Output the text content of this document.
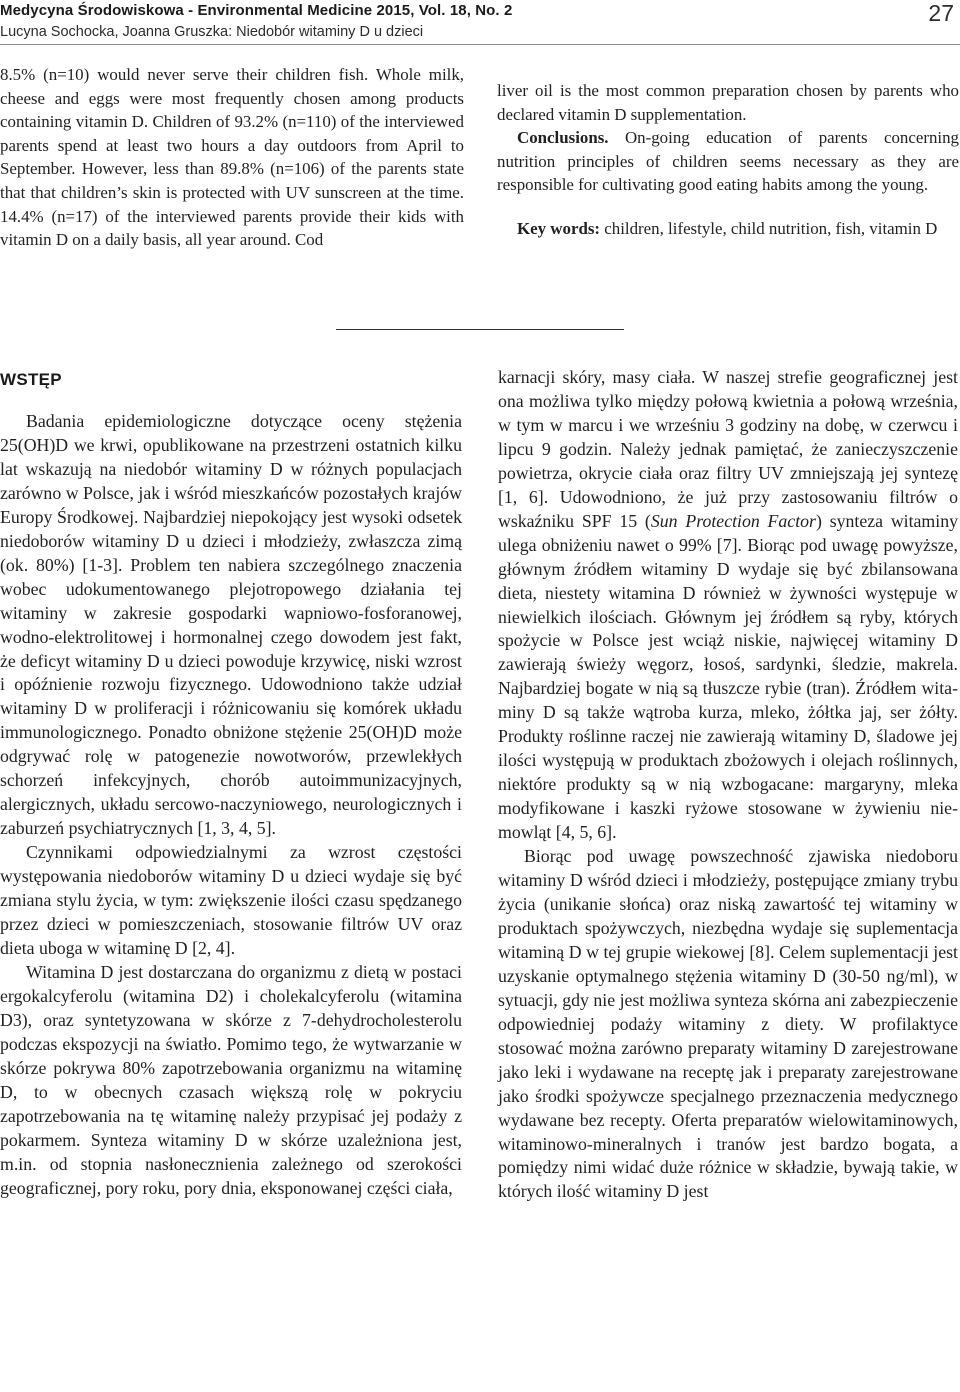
Medycyna Środowiskowa - Environmental Medicine 2015, Vol. 18, No. 2
Lucyna Sochocka, Joanna Gruszka: Niedobór witaminy D u dzieci
27

8.5% (n=10) would never serve their children fish. Whole milk, cheese and eggs were most frequently chosen among products containing vitamin D. Children of 93.2% (n=110) of the interviewed parents spend at least two hours a day outdoors from April to September. However, less than 89.8% (n=106) of the parents state that that children’s skin is protected with UV sunscreen at the time. 14.4% (n=17) of the interviewed parents provide their kids with vitamin D on a daily basis, all year around. Cod

liver oil is the most common preparation chosen by parents who declared vitamin D supplementation.

Conclusions. On-going education of parents concerning nutrition principles of children seems necessary as they are responsible for cultivating good eating habits among the young.

Key words: children, lifestyle, child nutrition, fish, vitamin D

WSTĘP

Badania epidemiologiczne dotyczące oceny stężenia 25(OH)D we krwi, opublikowane na przestrzeni ostatnich kilku lat wskazują na niedobór witaminy D w różnych populacjach zarówno w Polsce, jak i wśród mieszkańców pozostałych krajów Europy Środkowej. Najbardziej niepokojący jest wysoki odsetek niedoborów witaminy D u dzieci i młodzieży, zwłaszcza zimą (ok. 80%) [1-3]. Problem ten nabiera szczególnego znaczenia wobec udokumentowanego plejotropowego działania tej witaminy w zakresie gospodarki wapniowo-fosforanowej, wodno-elektrolitowej i hormonalnej czego dowodem jest fakt, że deficyt witaminy D u dzieci powoduje krzywicę, niski wzrost i opóźnienie rozwoju fizycznego. Udowodniono także udział witaminy D w proliferacji i różnicowaniu się komórek układu immunologicznego. Ponadto obniżone stężenie 25(OH)D może odgrywać rolę w patogenezie nowotworów, przewlekłych schorzeń infekcyjnych, chorób autoimmunizacyjnych, alergicznych, układu sercowo-naczyniowego, neurologicznych i zaburzeń psychiatrycznych [1, 3, 4, 5].

Czynnikami odpowiedzialnymi za wzrost częstości występowania niedoborów witaminy D u dzieci wydaje się być zmiana stylu życia, w tym: zwiększenie ilości czasu spędzanego przez dzieci w pomieszczeniach, stosowanie filtrów UV oraz dieta uboga w witaminę D [2, 4].

Witamina D jest dostarczana do organizmu z dietą w postaci ergokalcyferolu (witamina D2) i cholekalcyferolu (witamina D3), oraz syntetyzowana w skórze z 7-dehydrocholesterolu podczas ekspozycji na światło. Pomimo tego, że wytwarzanie w skórze pokrywa 80% zapotrzebowania organizmu na witaminę D, to w obecnych czasach większą rolę w pokryciu zapotrzebowania na tę witaminę należy przypisać jej podaży z pokarmem. Synteza witaminy D w skórze uzależniona jest, m.in. od stopnia nasłonecznienia zależnego od szerokości geograficznej, pory roku, pory dnia, eksponowanej części ciała,

karnacji skóry, masy ciała. W naszej strefie geograficznej jest ona możliwa tylko między połową kwietnia a połową września, w tym w marcu i we wrześniu 3 godziny na dobę, w czerwcu i lipcu 9 godzin. Należy jednak pamiętać, że zanieczyszczenie powietrza, okrycie ciała oraz filtry UV zmniejszają jej syntezę [1, 6]. Udowodniono, że już przy zastosowaniu filtrów o wskaźniku SPF 15 (Sun Protection Factor) synteza witaminy ulega obniżeniu nawet o 99% [7]. Biorąc pod uwagę powyższe, głównym źródłem witaminy D wydaje się być zbilansowana dieta, niestety witamina D również w żywności występuje w niewielkich ilościach. Głównym jej źródłem są ryby, których spożycie w Polsce jest wciąż niskie, najwięcej witaminy D zawierają świeży węgorz, łosoś, sardynki, śledzie, makrela. Najbardziej bogate w nią są tłuszcze rybie (tran). Źródłem witaminy D są także wątroba kurza, mleko, żółtka jaj, ser żółty. Produkty roślinne raczej nie zawierają witaminy D, śladowe jej ilości występują w produktach zbożowych i olejach roślinnych, niektóre produkty są w nią wzbogacane: margaryny, mleka modyfikowane i kaszki ryżowe stosowane w żywieniu niemowląt [4, 5, 6].

Biorąc pod uwagę powszechność zjawiska niedoboru witaminy D wśród dzieci i młodzieży, postępujące zmiany trybu życia (unikanie słońca) oraz niską zawartość tej witaminy w produktach spożywczych, niezbędna wydaje się suplementacja witaminą D w tej grupie wiekowej [8]. Celem suplementacji jest uzyskanie optymalnego stężenia witaminy D (30-50 ng/ml), w sytuacji, gdy nie jest możliwa synteza skórna ani zabezpieczenie odpowiedniej podaży witaminy z diety. W profilaktyce stosować można zarówno preparaty witaminy D zarejestrowane jako leki i wydawane na receptę jak i preparaty zarejestrowane jako środki spożywcze specjalnego przeznaczenia medycznego wydawane bez recepty. Oferta preparatów wielowitaminowych, witaminowo-mineralnych i tranów jest bardzo bogata, a pomiędzy nimi widać duże różnice w składzie, bywają takie, w których ilość witaminy D jest
